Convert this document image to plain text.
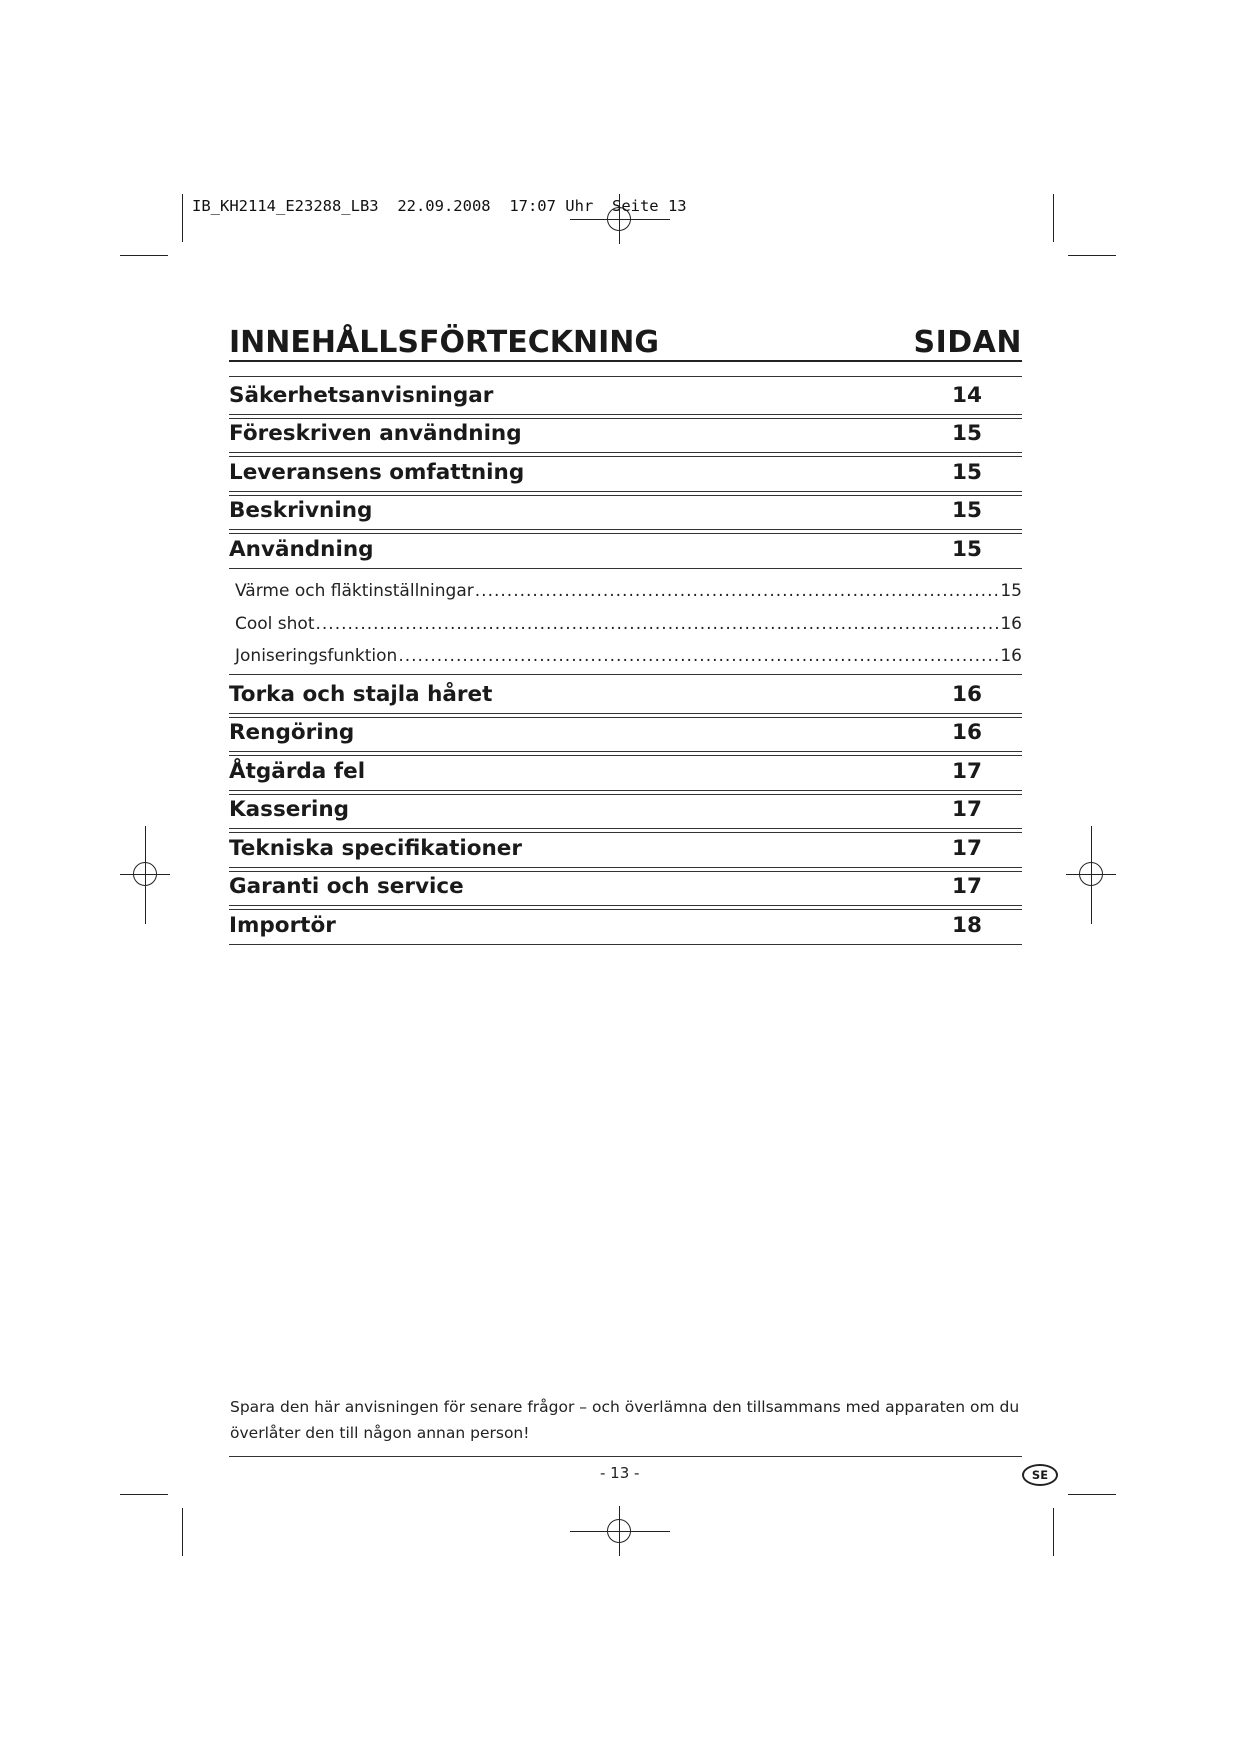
IB_KH2114_E23288_LB3 22.09.2008 17:07 Uhr Seite 13
INNEHÅLLSFÖRTECKNING	SIDAN
Säkerhetsanvisningar	14
Föreskriven användning	15
Leveransens omfattning	15
Beskrivning	15
Användning	15
Värme och fläktinställningar .....	15
Cool shot .....	16
Joniseringsfunktion .....	16
Torka och stajla håret	16
Rengöring	16
Åtgärda fel	17
Kassering	17
Tekniska specifikationer	17
Garanti och service	17
Importör	18
Spara den här anvisningen för senare frågor – och överlämna den tillsammans med apparaten om du
överlåter den till någon annan person!
- 13 -	SE
